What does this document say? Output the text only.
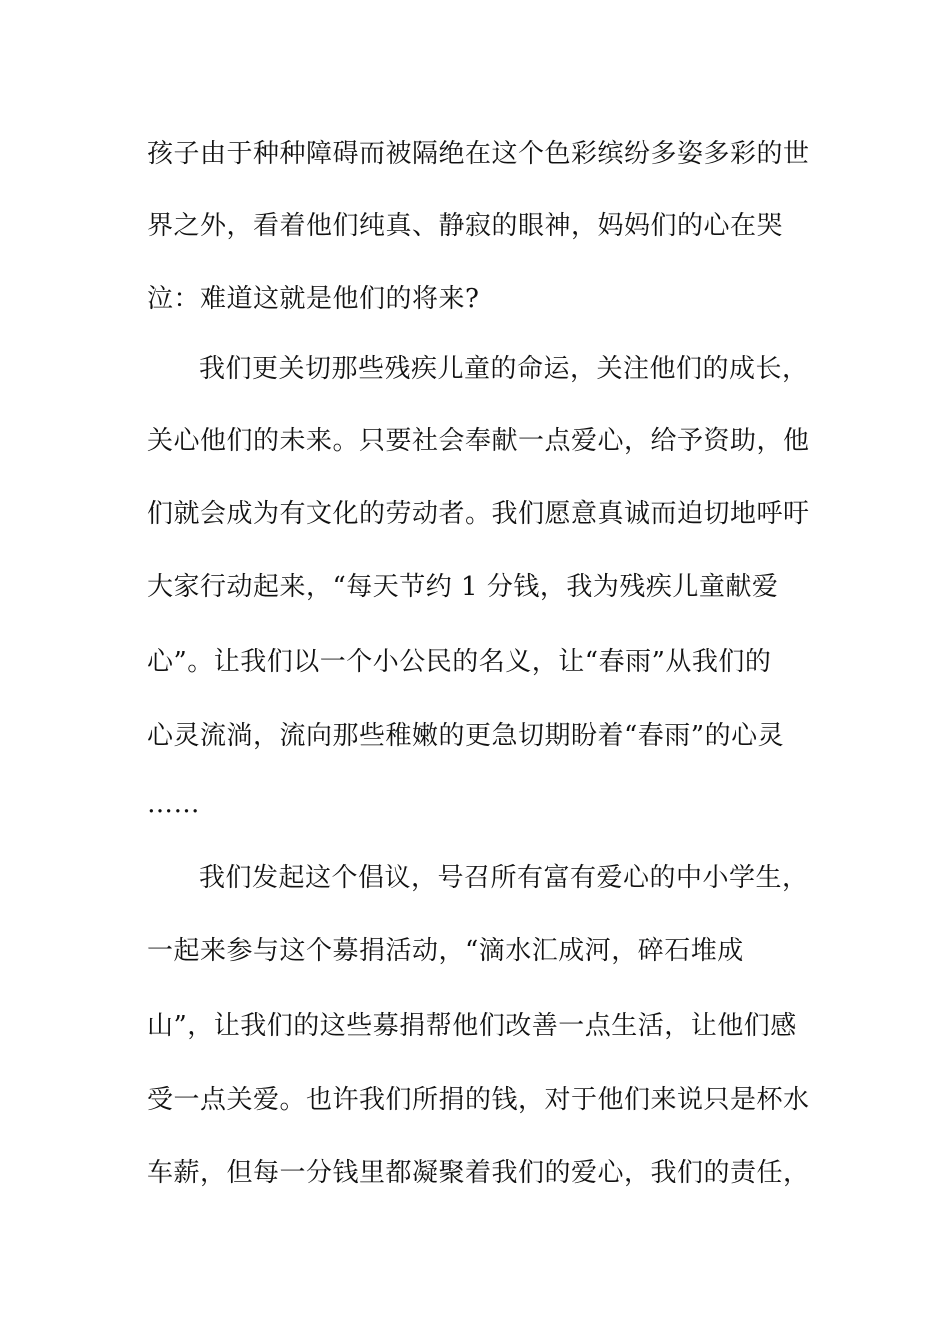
孩子由于种种障碍而被隔绝在这个色彩缤纷多姿多彩的世
界之外，看着他们纯真、静寂的眼神，妈妈们的心在哭
泣：难道这就是他们的将来?
我们更关切那些残疾儿童的命运，关注他们的成长，
关心他们的未来。只要社会奉献一点爱心，给予资助，他
们就会成为有文化的劳动者。我们愿意真诚而迫切地呼吁
大家行动起来，“每天节约 1 分钱，我为残疾儿童献爱
心”。让我们以一个小公民的名义，让“春雨”从我们的
心灵流淌，流向那些稚嫩的更急切期盼着“春雨”的心灵
……
我们发起这个倡议，号召所有富有爱心的中小学生，
一起来参与这个募捐活动，“滴水汇成河，碎石堆成
山”，让我们的这些募捐帮他们改善一点生活，让他们感
受一点关爱。也许我们所捐的钱，对于他们来说只是杯水
车薪，但每一分钱里都凝聚着我们的爱心，我们的责任，
